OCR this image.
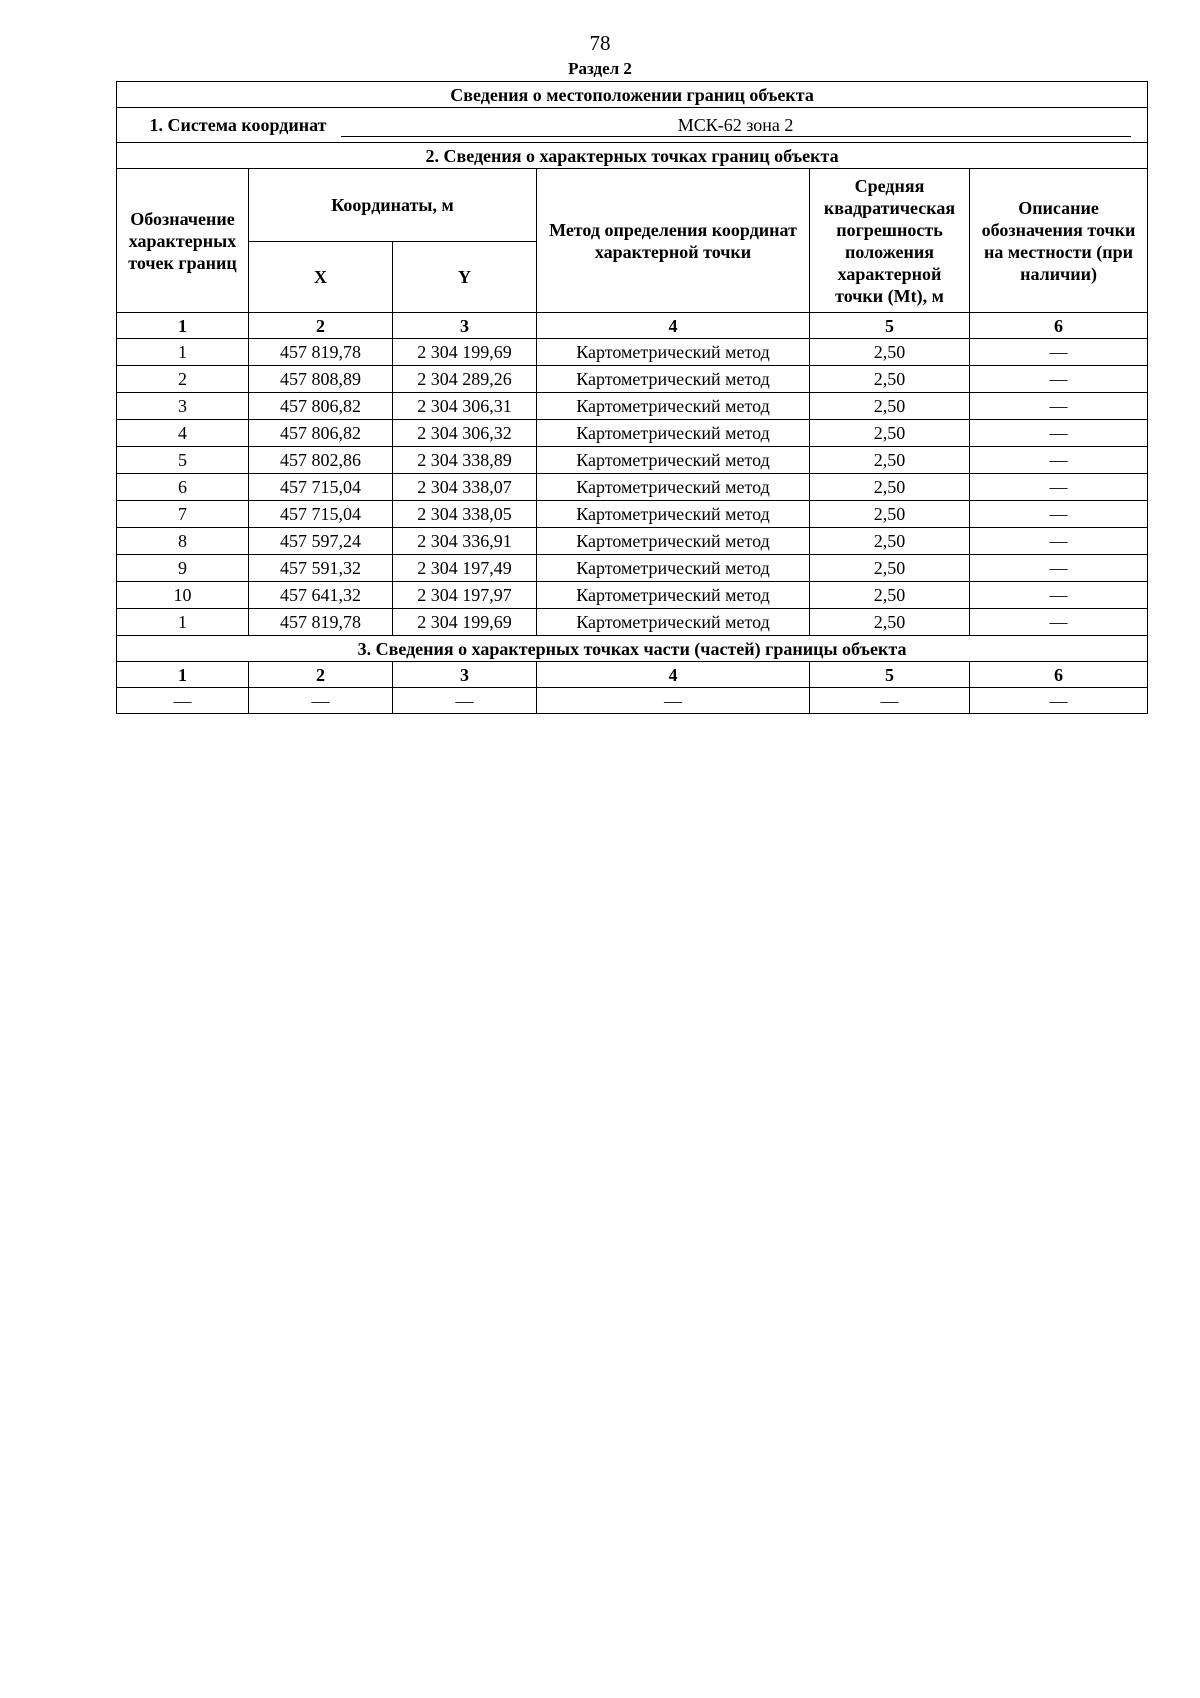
78
Раздел 2
Сведения о местоположении границ объекта					
1. Система координат МСК-62 зона 2					
2. Сведения о характерных точках границ объекта					
Обозначение характерных точек границ	Координаты, м		Метод определения координат характерной точки	Средняя квадратическая погрешность положения характерной точки (Mt), м	Описание обозначения точки на местности (при наличии)
	X	Y			
1	2	3	4	5	6
1	457 819,78	2 304 199,69	Картометрический метод	2,50	—
2	457 808,89	2 304 289,26	Картометрический метод	2,50	—
3	457 806,82	2 304 306,31	Картометрический метод	2,50	—
4	457 806,82	2 304 306,32	Картометрический метод	2,50	—
5	457 802,86	2 304 338,89	Картометрический метод	2,50	—
6	457 715,04	2 304 338,07	Картометрический метод	2,50	—
7	457 715,04	2 304 338,05	Картометрический метод	2,50	—
8	457 597,24	2 304 336,91	Картометрический метод	2,50	—
9	457 591,32	2 304 197,49	Картометрический метод	2,50	—
10	457 641,32	2 304 197,97	Картометрический метод	2,50	—
1	457 819,78	2 304 199,69	Картометрический метод	2,50	—
3. Сведения о характерных точках части (частей) границы объекта					
1	2	3	4	5	6
—	—	—	—	—	—
